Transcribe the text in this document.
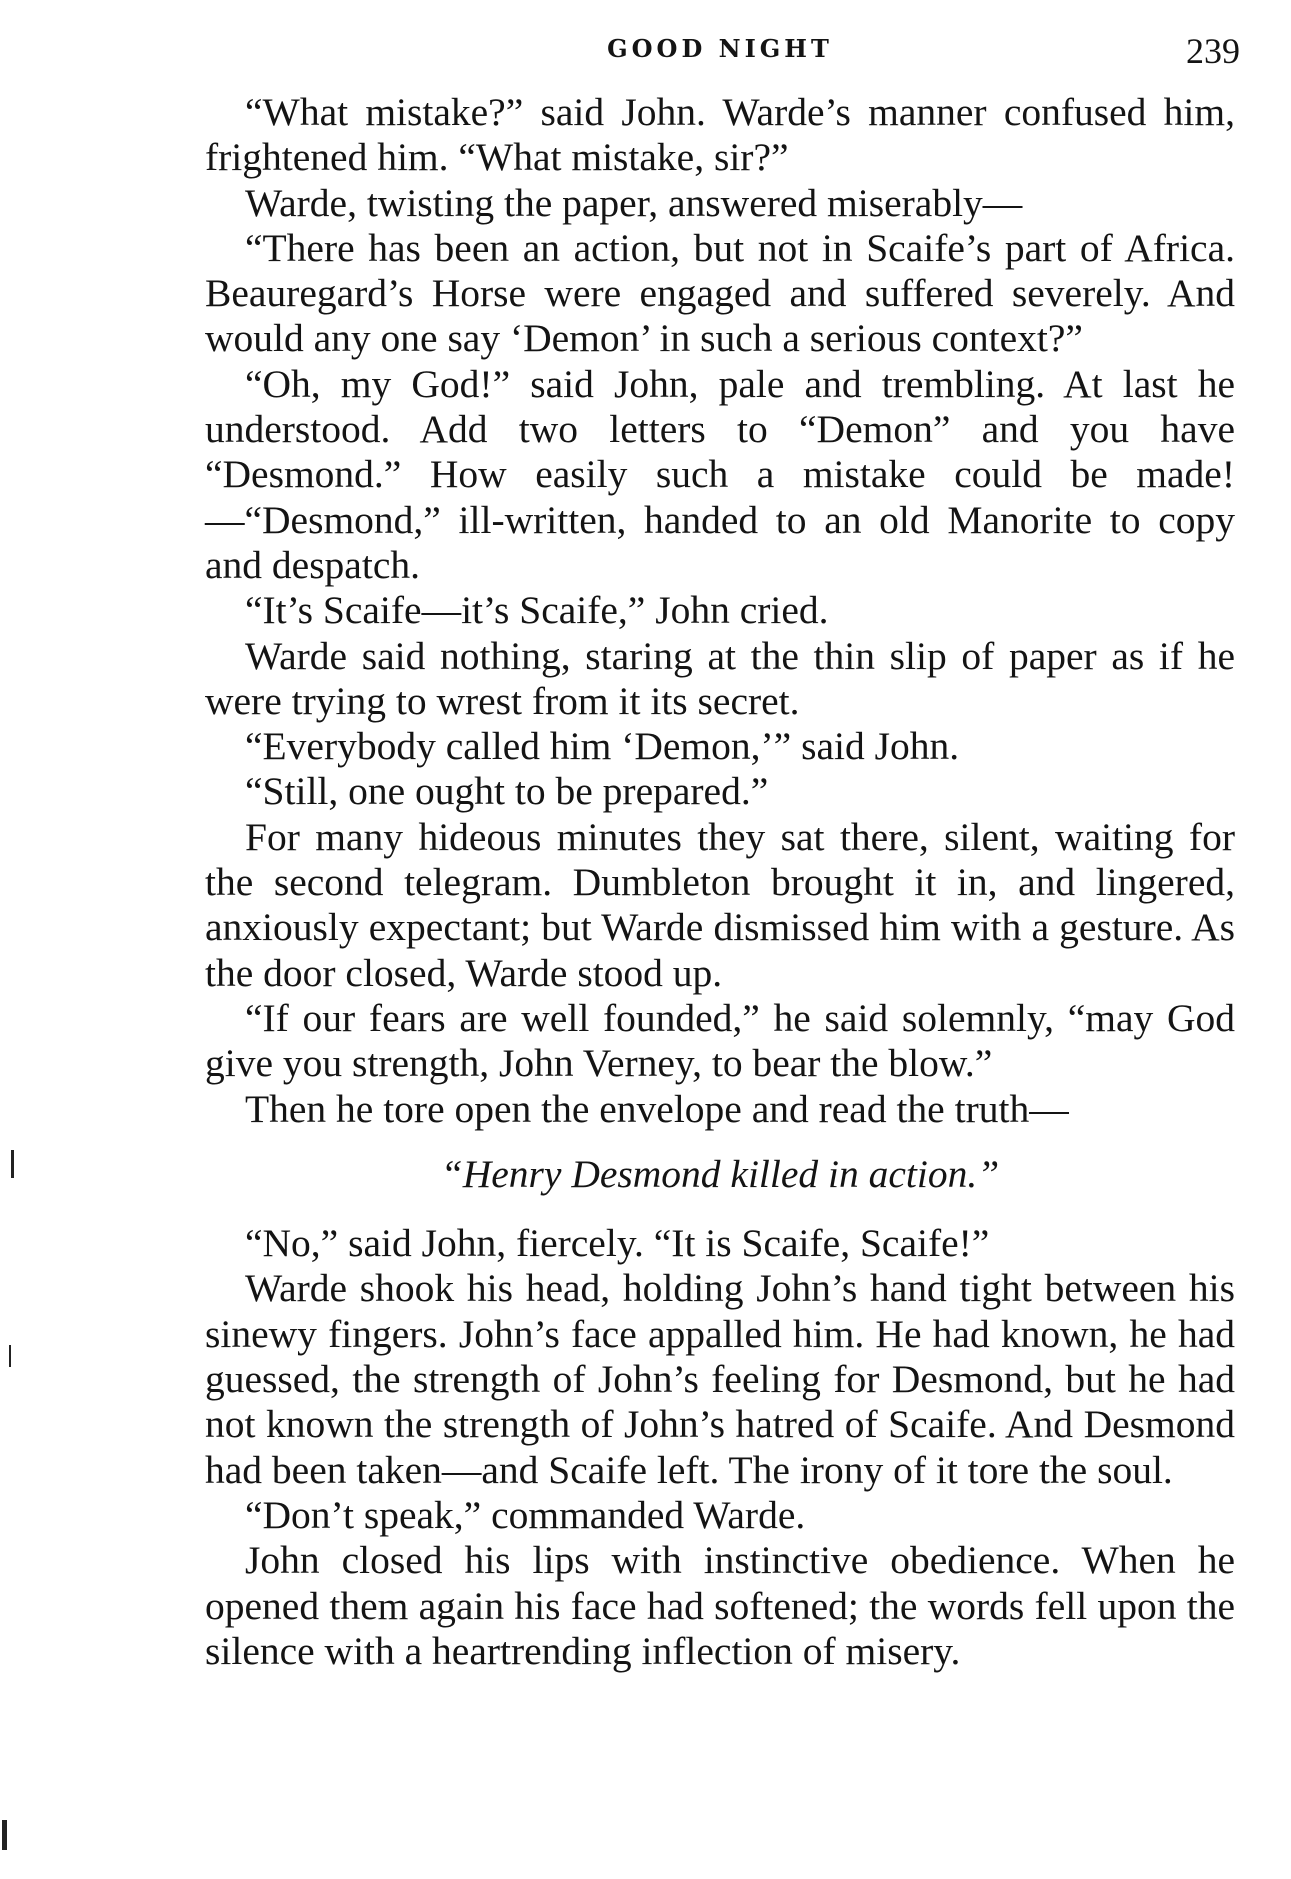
GOOD NIGHT	239

“What mistake?” said John. Warde’s manner confused him, frightened him. “What mistake, sir?”

Warde, twisting the paper, answered miserably—

“There has been an action, but not in Scaife’s part of Africa. Beauregard’s Horse were engaged and suffered severely. And would any one say ‘Demon’ in such a serious context?”

“Oh, my God!” said John, pale and trembling. At last he understood. Add two letters to “Demon” and you have “Desmond.” How easily such a mistake could be made!—“Desmond,” ill-written, handed to an old Manorite to copy and despatch.

“It’s Scaife—it’s Scaife,” John cried.

Warde said nothing, staring at the thin slip of paper as if he were trying to wrest from it its secret.

“Everybody called him ‘Demon,’” said John.

“Still, one ought to be prepared.”

For many hideous minutes they sat there, silent, waiting for the second telegram. Dumbleton brought it in, and lingered, anxiously expectant; but Warde dismissed him with a gesture. As the door closed, Warde stood up.

“If our fears are well founded,” he said solemnly, “may God give you strength, John Verney, to bear the blow.”

Then he tore open the envelope and read the truth—

“Henry Desmond killed in action.”

“No,” said John, fiercely. “It is Scaife, Scaife!”

Warde shook his head, holding John’s hand tight between his sinewy fingers. John’s face appalled him. He had known, he had guessed, the strength of John’s feeling for Desmond, but he had not known the strength of John’s hatred of Scaife. And Desmond had been taken—and Scaife left. The irony of it tore the soul.

“Don’t speak,” commanded Warde.

John closed his lips with instinctive obedience. When he opened them again his face had softened; the words fell upon the silence with a heartrending inflection of misery.
